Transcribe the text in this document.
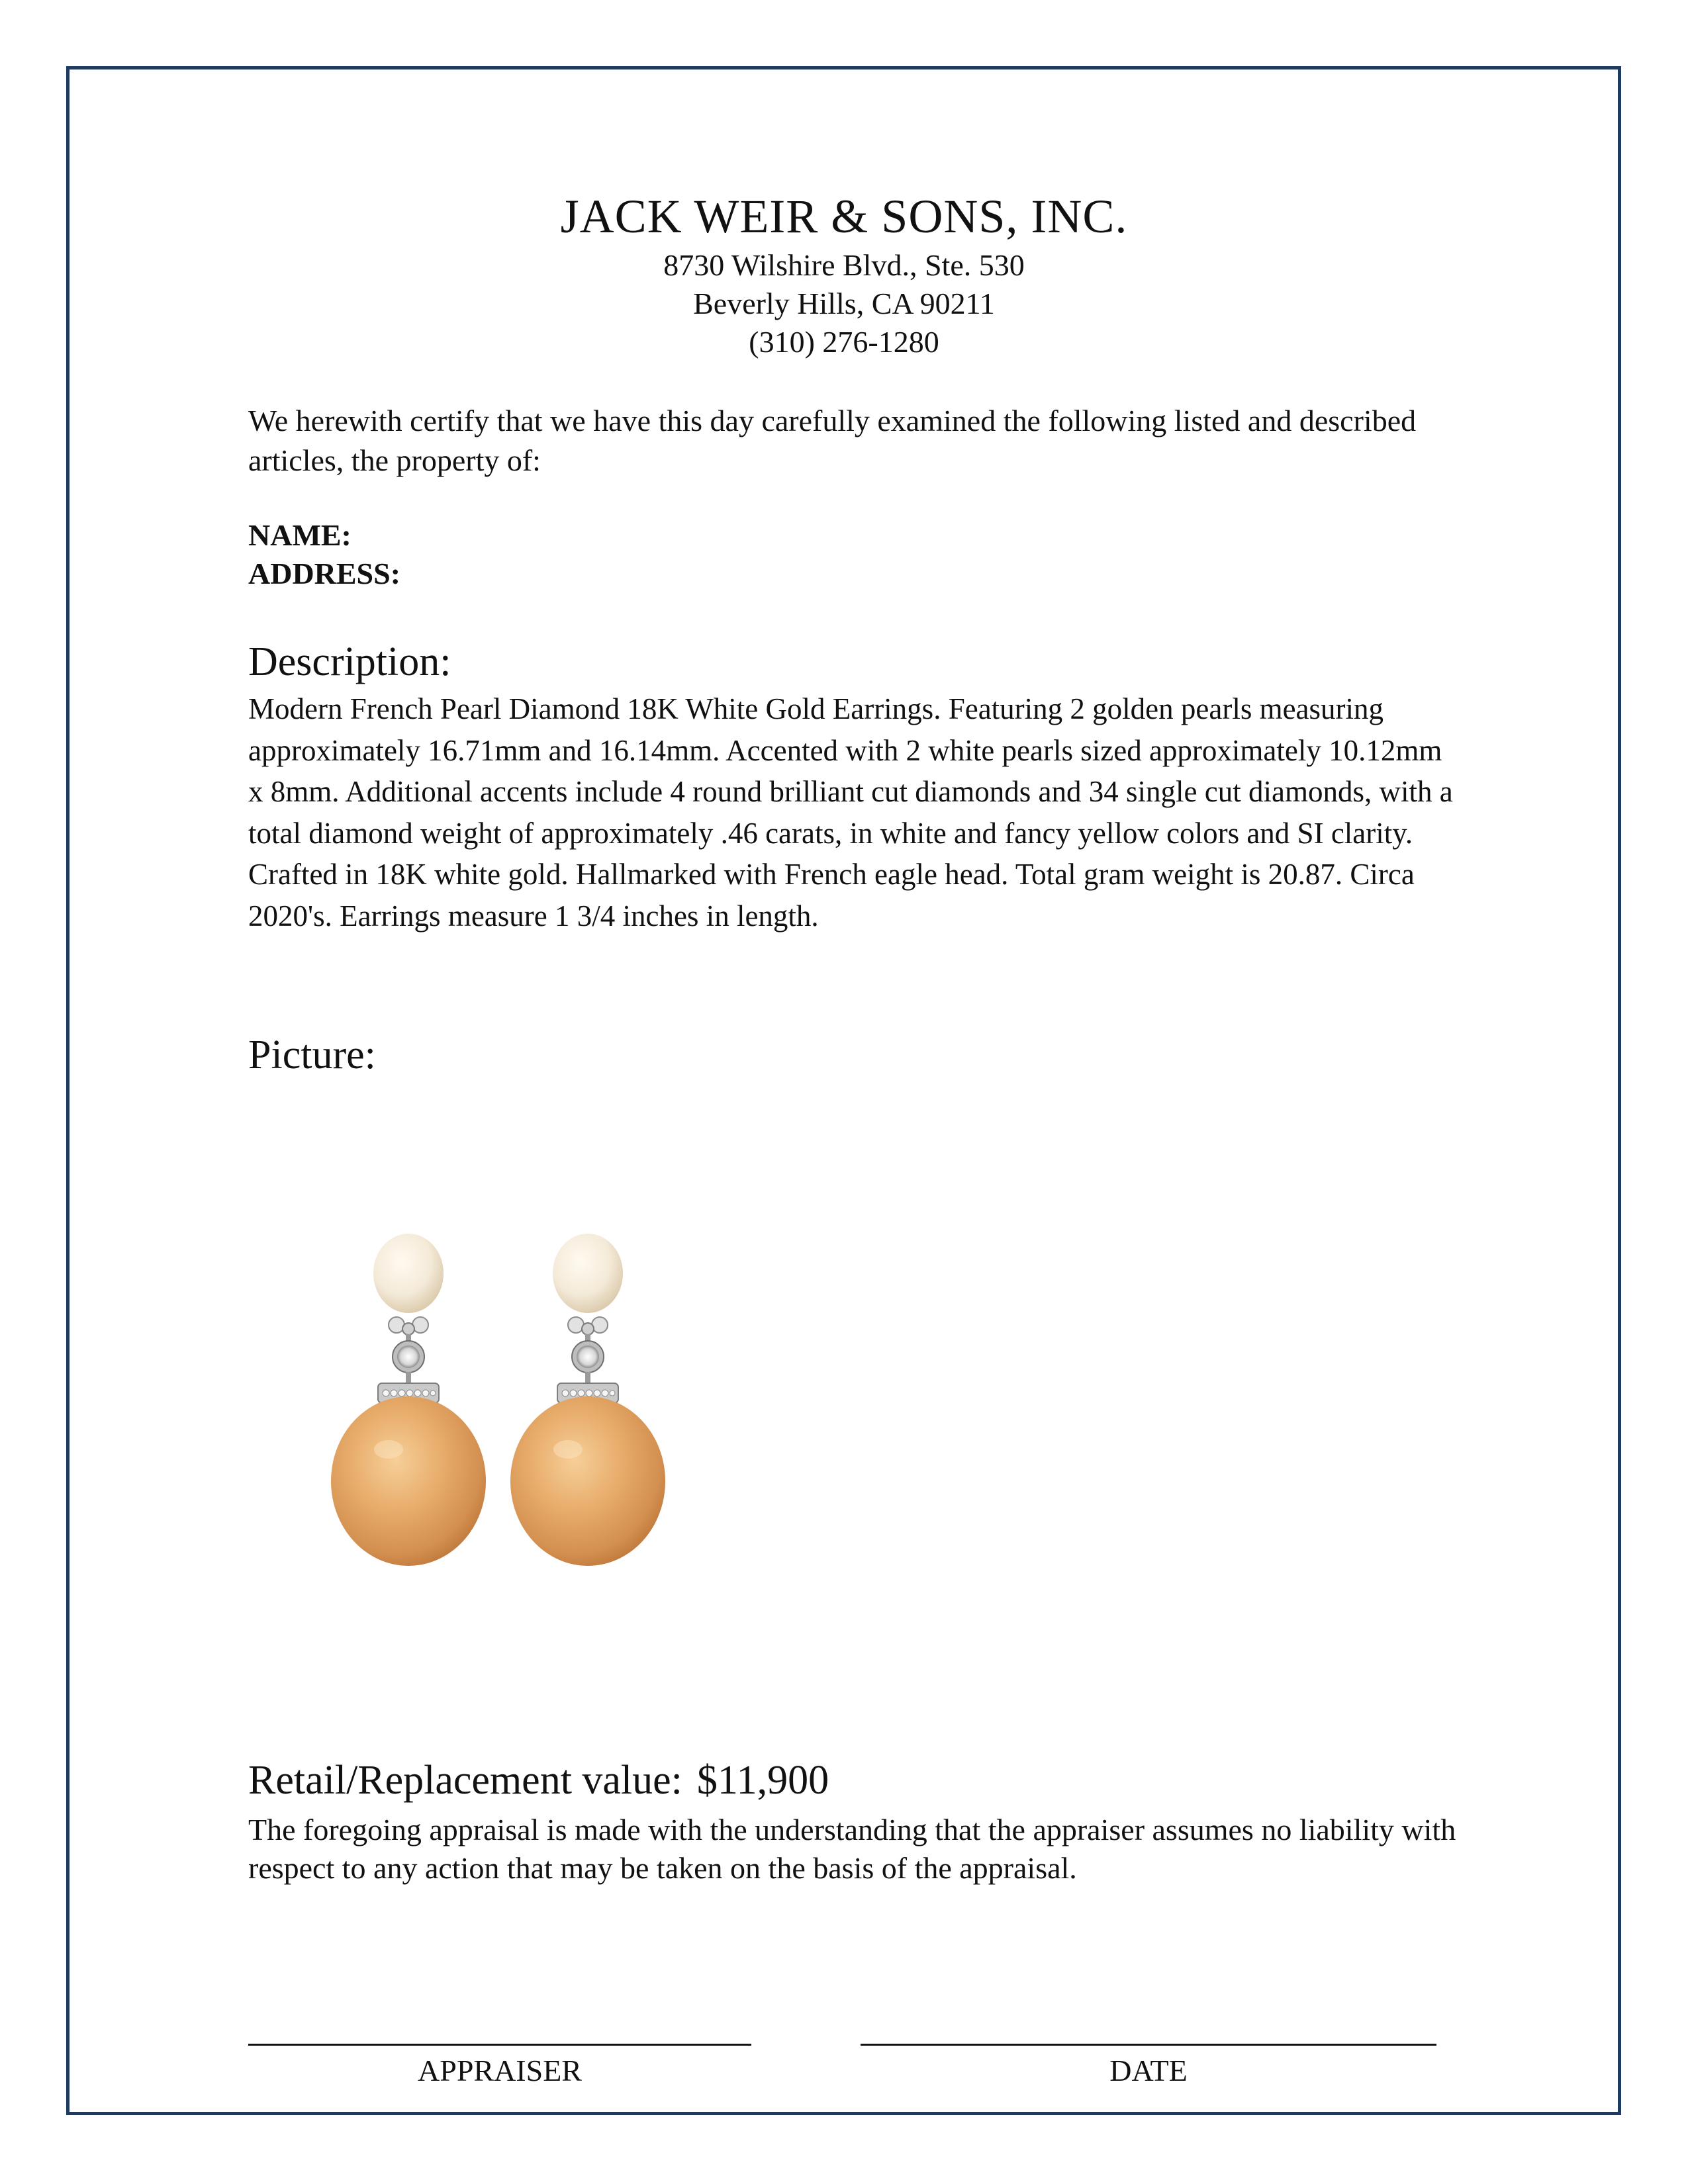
JACK WEIR & SONS, INC.
8730 Wilshire Blvd., Ste. 530
Beverly Hills, CA 90211
(310) 276-1280
We herewith certify that we have this day carefully examined the following listed and described articles, the property of:
NAME:
ADDRESS:
Description:
Modern French Pearl Diamond 18K White Gold Earrings. Featuring 2 golden pearls measuring approximately 16.71mm and 16.14mm. Accented with 2 white pearls sized approximately 10.12mm x 8mm. Additional accents include 4 round brilliant cut diamonds and 34 single cut diamonds, with a total diamond weight of approximately .46 carats, in white and fancy yellow colors and SI clarity. Crafted in 18K white gold. Hallmarked with French eagle head. Total gram weight is 20.87. Circa 2020's. Earrings measure 1 3/4 inches in length.
Picture:
Retail/Replacement value: $11,900
The foregoing appraisal is made with the understanding that the appraiser assumes no liability with respect to any action that may be taken on the basis of the appraisal.
APPRAISER	DATE
